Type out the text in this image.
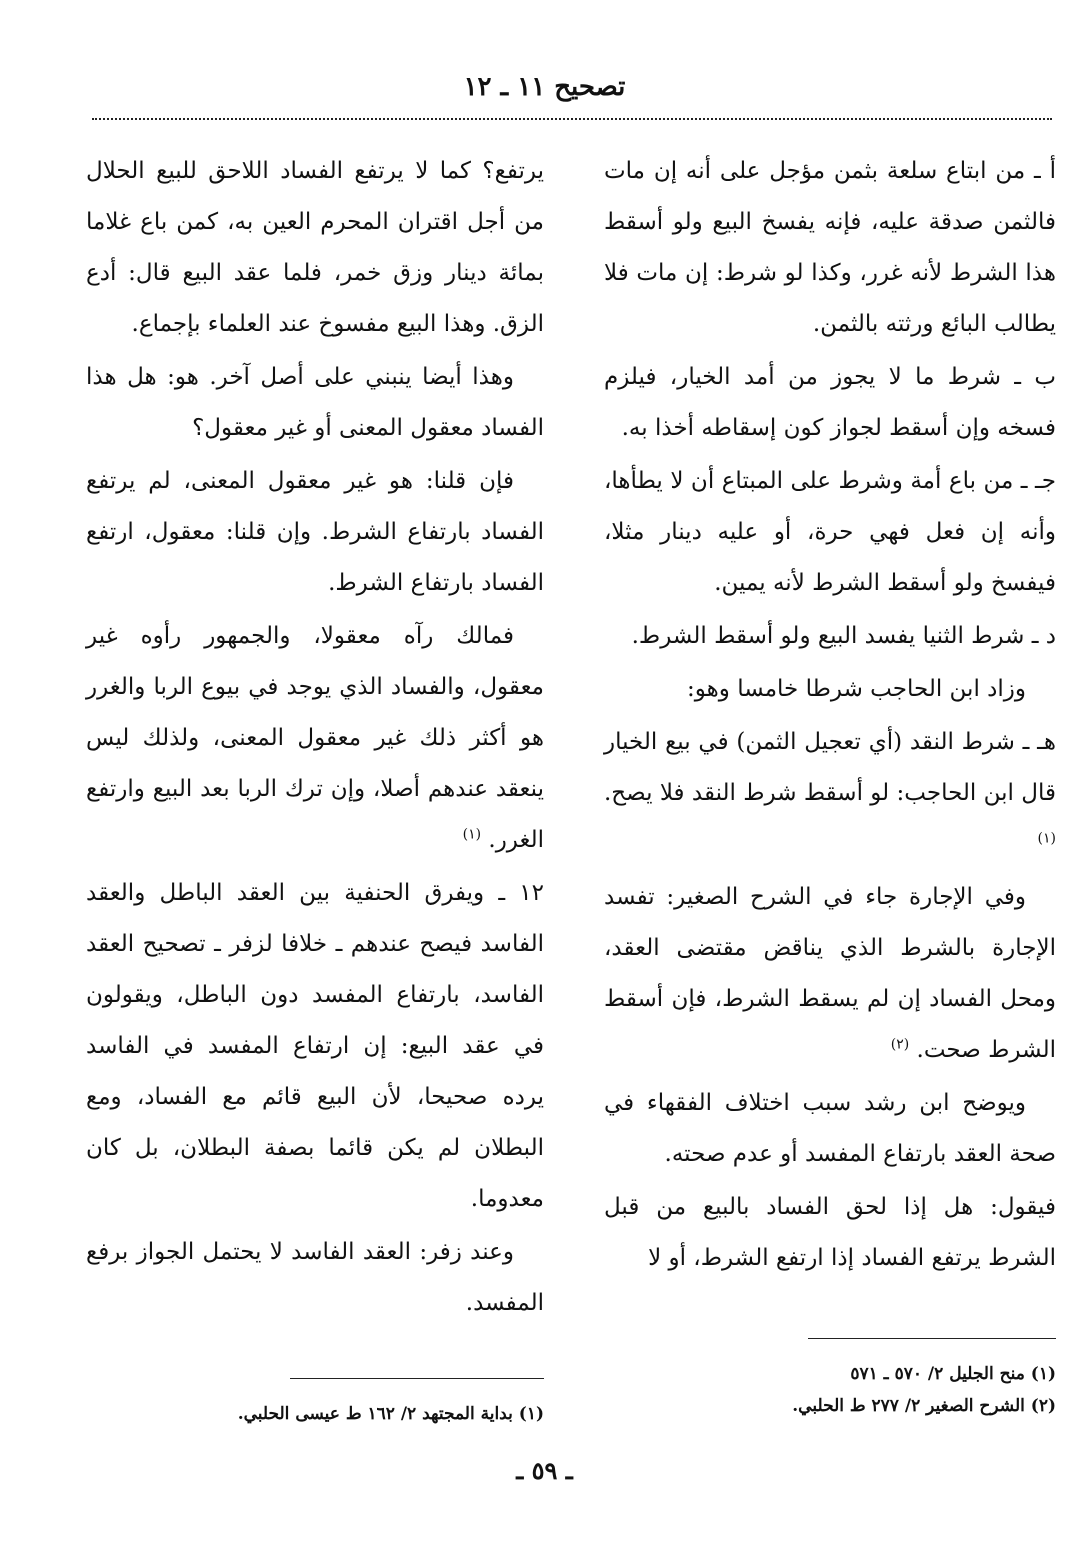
تصحيح ١١ ـ ١٢

أ ـ من ابتاع سلعة بثمن مؤجل على أنه إن مات فالثمن صدقة عليه، فإنه يفسخ البيع ولو أسقط هذا الشرط لأنه غرر، وكذا لو شرط: إن مات فلا يطالب البائع ورثته بالثمن.

ب ـ شرط ما لا يجوز من أمد الخيار، فيلزم فسخه وإن أسقط لجواز كون إسقاطه أخذا به.

جـ ـ من باع أمة وشرط على المبتاع أن لا يطأها، وأنه إن فعل فهي حرة، أو عليه دينار مثلا، فيفسخ ولو أسقط الشرط لأنه يمين.

د ـ شرط الثنيا يفسد البيع ولو أسقط الشرط.

وزاد ابن الحاجب شرطا خامسا وهو:

هـ ـ شرط النقد (أي تعجيل الثمن) في بيع الخيار قال ابن الحاجب: لو أسقط شرط النقد فلا يصح. $^{(١)}$

وفي الإجارة جاء في الشرح الصغير: تفسد الإجارة بالشرط الذي يناقض مقتضى العقد، ومحل الفساد إن لم يسقط الشرط، فإن أسقط الشرط صحت. $^{(٢)}$

ويوضح ابن رشد سبب اختلاف الفقهاء في صحة العقد بارتفاع المفسد أو عدم صحته.

فيقول: هل إذا لحق الفساد بالبيع من قبل الشرط يرتفع الفساد إذا ارتفع الشرط، أو لا

يرتفع؟ كما لا يرتفع الفساد اللاحق للبيع الحلال من أجل اقتران المحرم العين به، كمن باع غلاما بمائة دينار وزق خمر، فلما عقد البيع قال: أدع الزق. وهذا البيع مفسوخ عند العلماء بإجماع.

وهذا أيضا ينبني على أصل آخر. هو: هل هذا الفساد معقول المعنى أو غير معقول؟

فإن قلنا: هو غير معقول المعنى، لم يرتفع الفساد بارتفاع الشرط. وإن قلنا: معقول، ارتفع الفساد بارتفاع الشرط.

فمالك رآه معقولا، والجمهور رأوه غير معقول، والفساد الذي يوجد في بيوع الربا والغرر هو أكثر ذلك غير معقول المعنى، ولذلك ليس ينعقد عندهم أصلا، وإن ترك الربا بعد البيع وارتفع الغرر. $^{(١)}$

١٢ ـ ويفرق الحنفية بين العقد الباطل والعقد الفاسد فيصح عندهم ـ خلافا لزفر ـ تصحيح العقد الفاسد، بارتفاع المفسد دون الباطل، ويقولون في عقد البيع: إن ارتفاع المفسد في الفاسد يرده صحيحا، لأن البيع قائم مع الفساد، ومع البطلان لم يكن قائما بصفة البطلان، بل كان معدوما.

وعند زفر: العقد الفاسد لا يحتمل الجواز برفع المفسد.

(١) منح الجليل ٢/ ٥٧٠ ـ ٥٧١
(٢) الشرح الصغير ٢/ ٢٧٧ ط الحلبي.
(١) بداية المجتهد ٢/ ١٦٢ ط عيسى الحلبي.
ـ ٥٩ ـ
